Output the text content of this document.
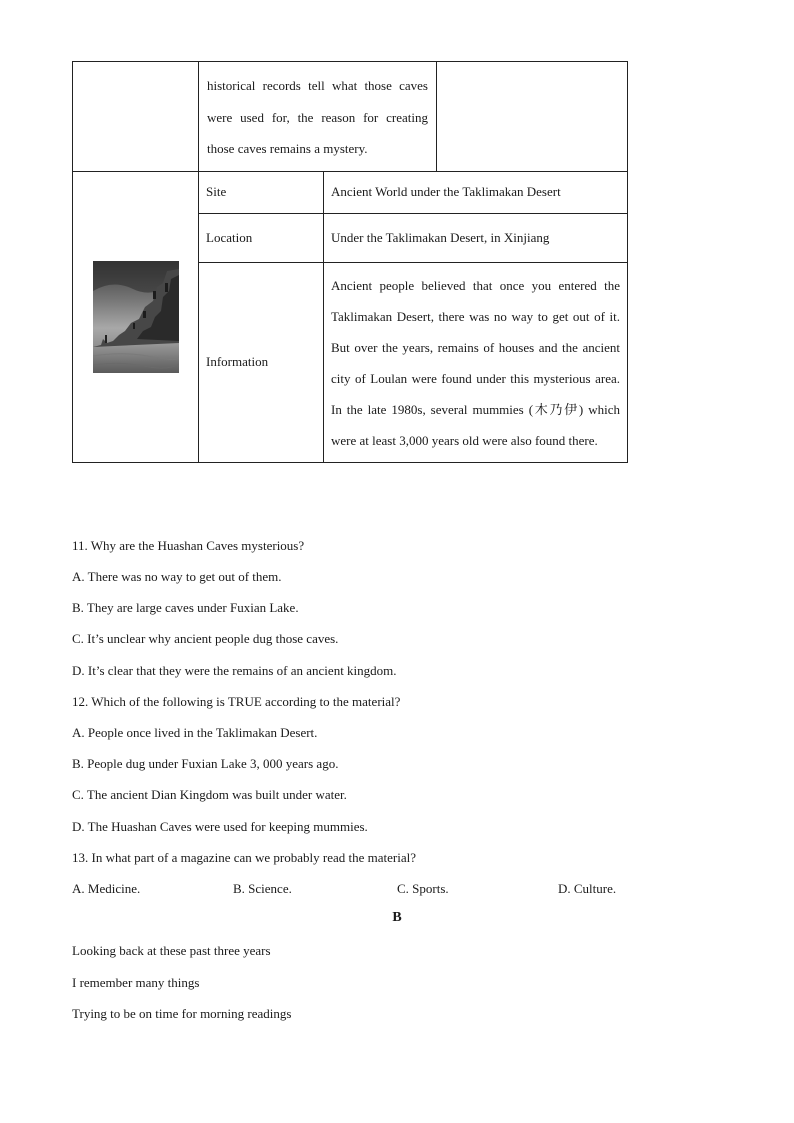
	historical records tell what those caves were used for, the reason for creating those caves remains a mystery.		

	Site	Ancient World under the Taklimakan Desert	
	Location	Under the Taklimakan Desert, in Xinjiang	
	Information	Ancient people believed that once you entered the Taklimakan Desert, there was no way to get out of it. But over the years, remains of houses and the ancient city of Loulan were found under this mysterious area. In the late 1980s, several mummies (木乃伊) which were at least 3,000 years old were also found there.	
11. Why are the Huashan Caves mysterious?
A. There was no way to get out of them.
B. They are large caves under Fuxian Lake.
C. It’s unclear why ancient people dug those caves.
D. It’s clear that they were the remains of an ancient kingdom.
12. Which of the following is TRUE according to the material?
A. People once lived in the Taklimakan Desert.
B. People dug under Fuxian Lake 3, 000 years ago.
C. The ancient Dian Kingdom was built under water.
D. The Huashan Caves were used for keeping mummies.
13. In what part of a magazine can we probably read the material?
A. Medicine.	B. Science.	C. Sports.	D. Culture.
B
Looking back at these past three years
I remember many things
Trying to be on time for morning readings
